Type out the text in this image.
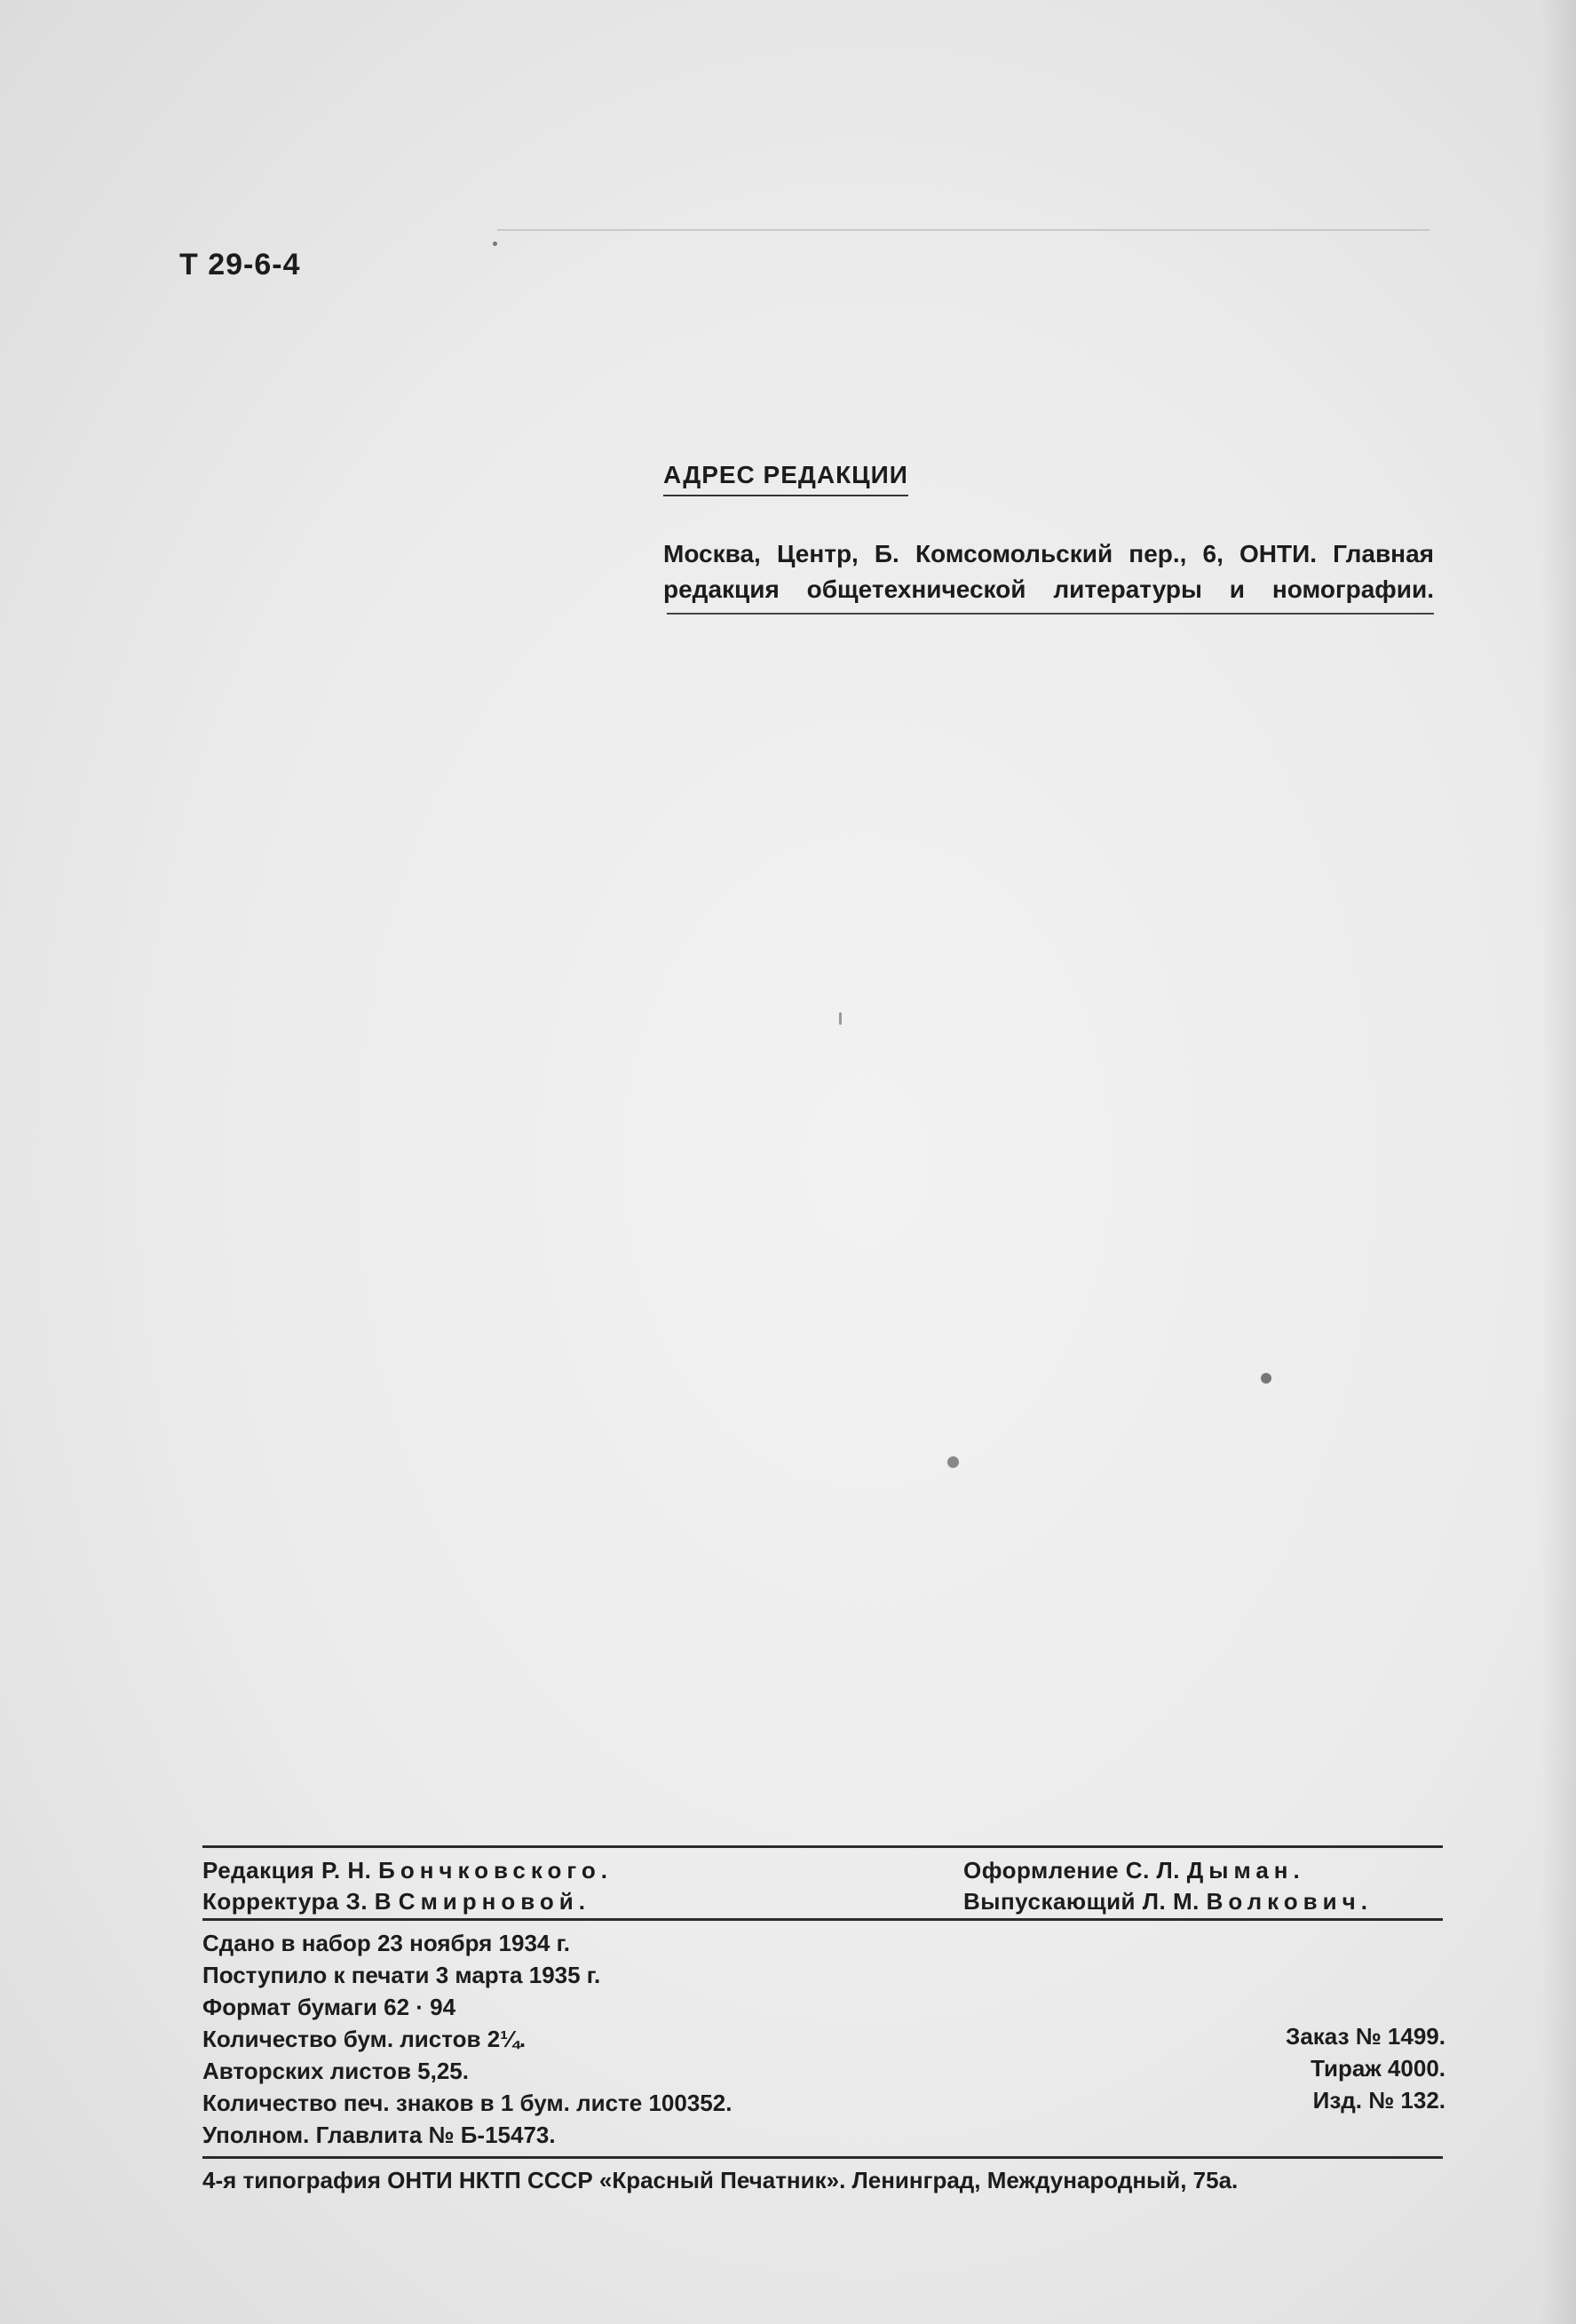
Т 29-6-4
АДРЕС РЕДАКЦИИ
Москва, Центр, Б. Комсомольский пер., 6, ОНТИ. Главная редакция общетехнической литературы и номографии.
Редакция Р. Н. Бончковского.
Корректура З. В Смирновой.
Оформление С. Л. Дыман.
Выпускающий Л. М. Волкович.
Сдано в набор 23 ноября 1934 г.
Поступило к печати 3 марта 1935 г.
Формат бумаги 62 · 94
Количество бум. листов 2¼.
Авторских листов 5,25.
Количество печ. знаков в 1 бум. листе 100352.
Уполном. Главлита № Б-15473.
Заказ № 1499.
Тираж 4000.
Изд. № 132.
4-я типография ОНТИ НКТП СССР «Красный Печатник». Ленинград, Международный, 75а.
